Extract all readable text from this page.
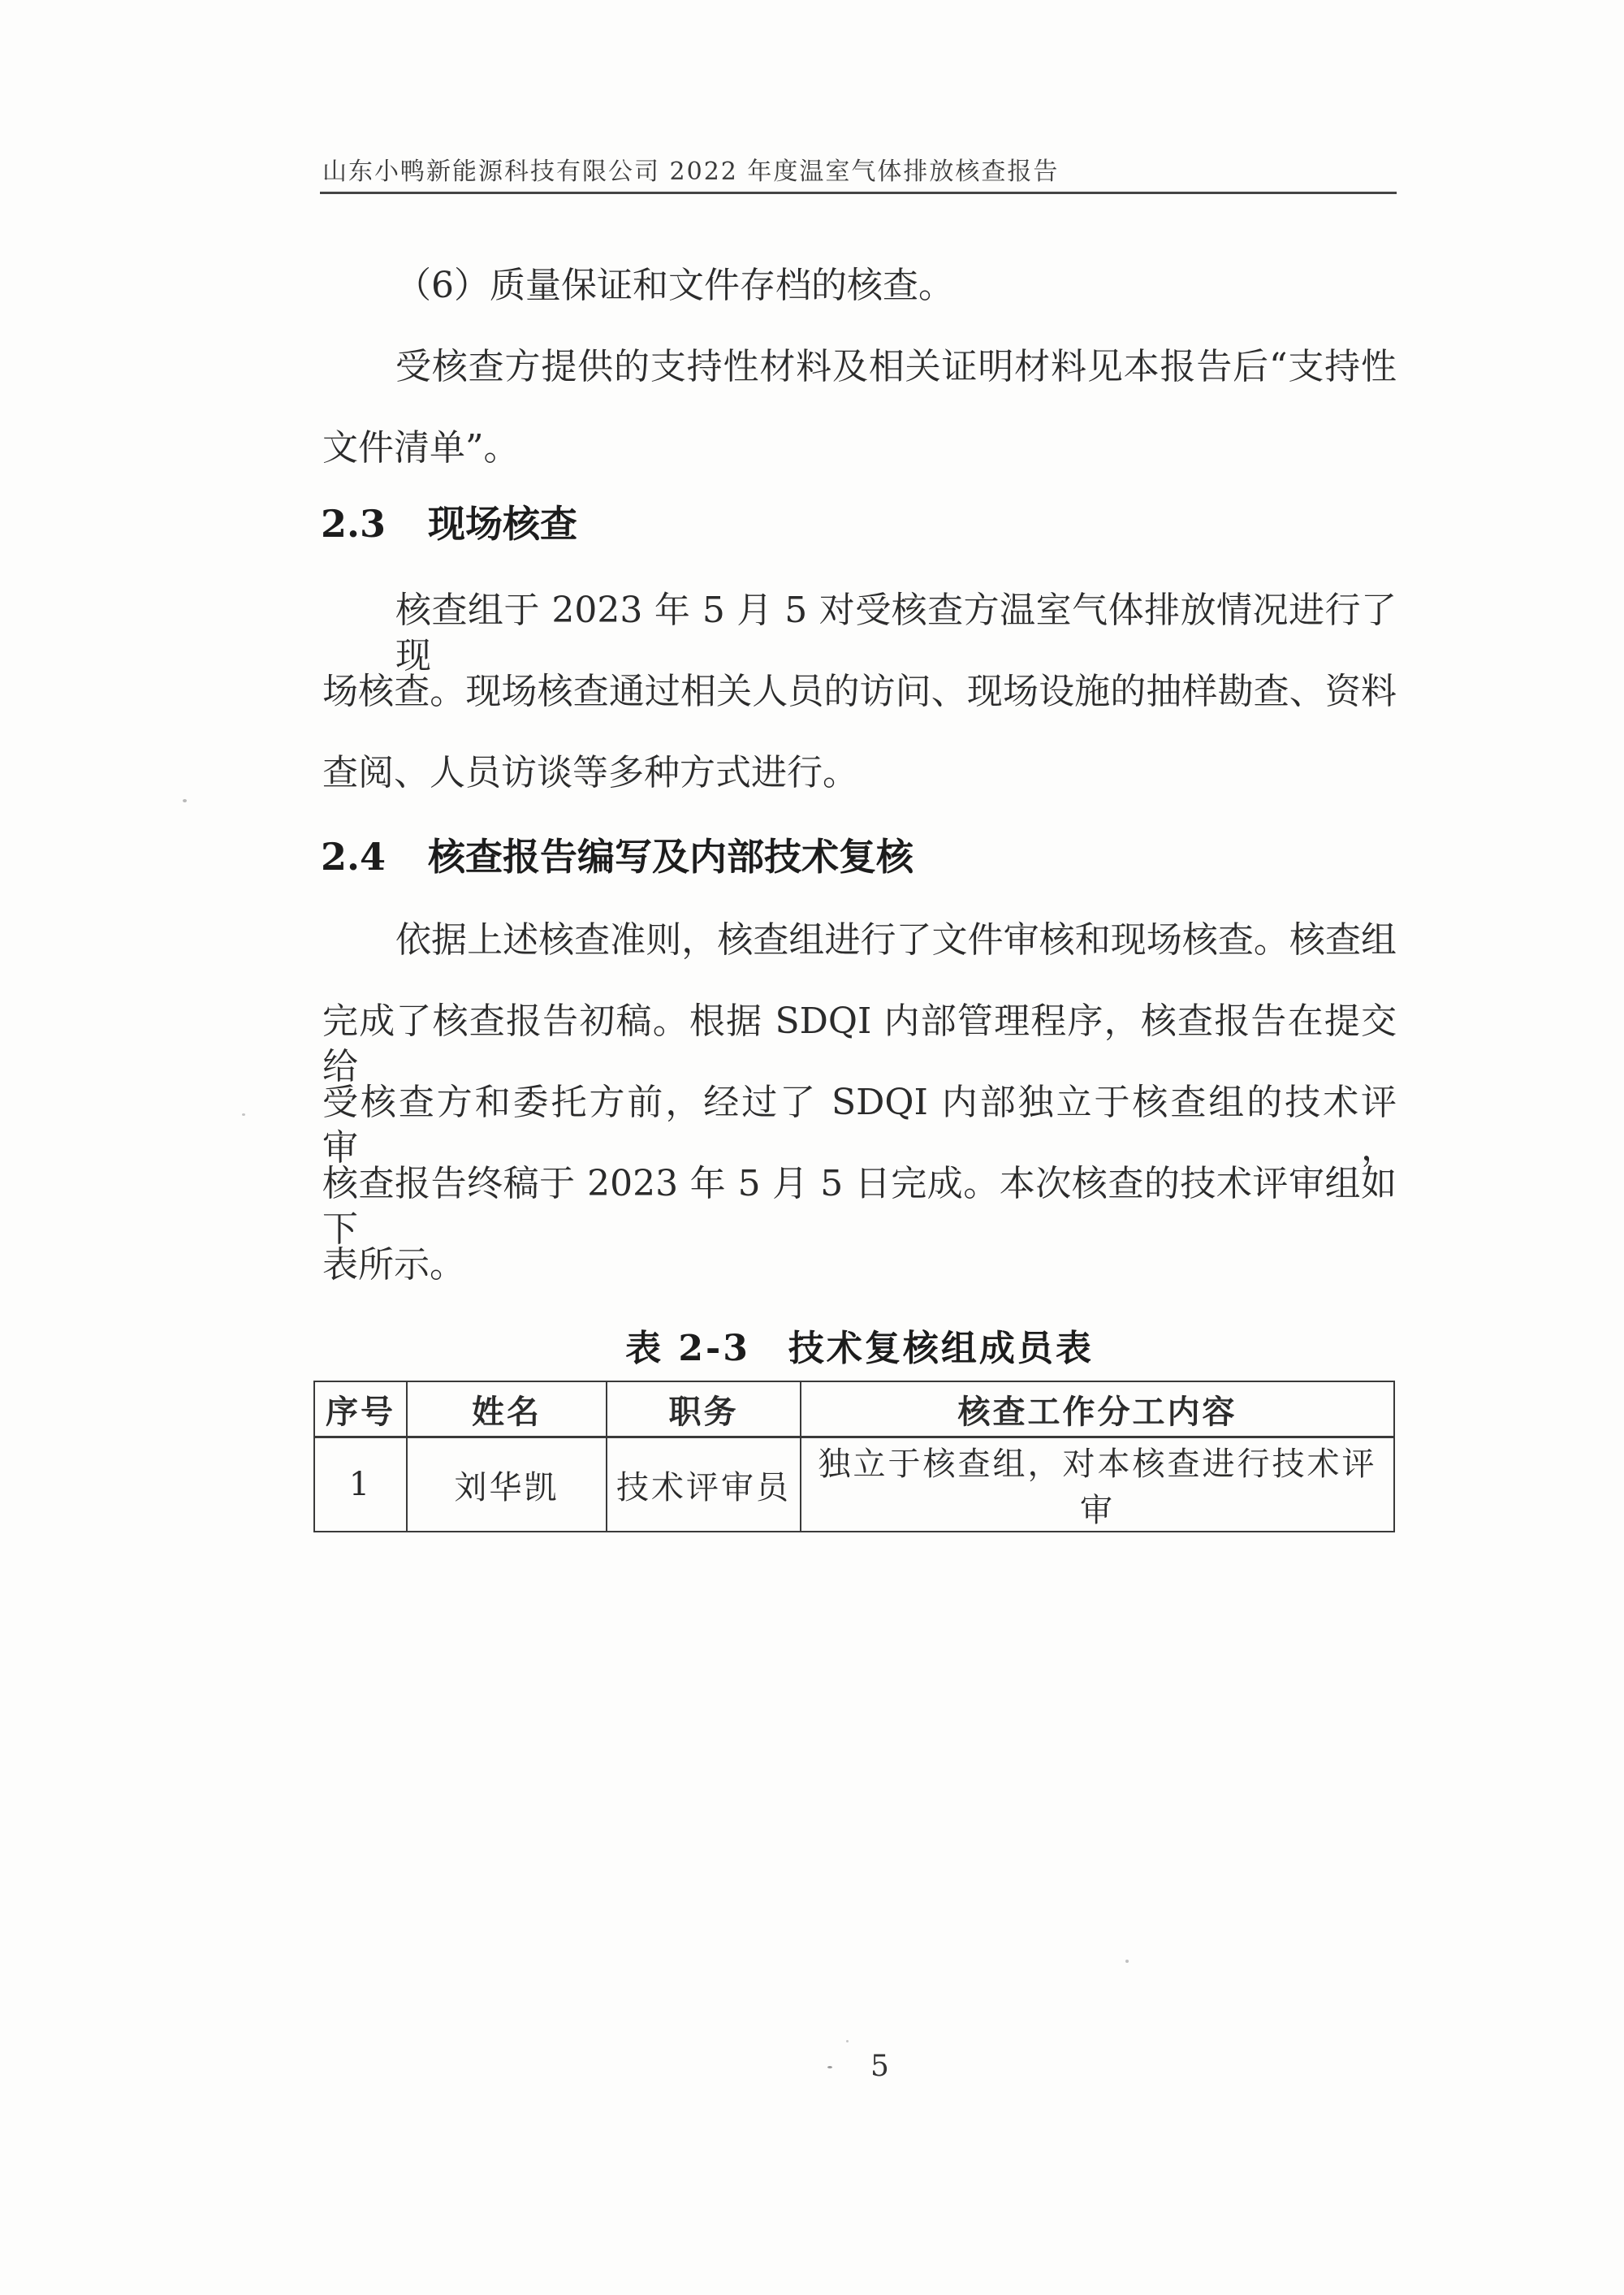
山东小鸭新能源科技有限公司 2022 年度温室气体排放核查报告
（6）质量保证和文件存档的核查。
受核查方提供的支持性材料及相关证明材料见本报告后“支持性
文件清单”。
2.3 现场核查
核查组于 2023 年 5 月 5 对受核查方温室气体排放情况进行了现
场核查。现场核查通过相关人员的访问、现场设施的抽样勘查、资料
查阅、人员访谈等多种方式进行。
2.4 核查报告编写及内部技术复核
依据上述核查准则，核查组进行了文件审核和现场核查。核查组
完成了核查报告初稿。根据 SDQI 内部管理程序，核查报告在提交给
受核查方和委托方前，经过了 SDQI 内部独立于核查组的技术评审，
核查报告终稿于 2023 年 5 月 5 日完成。本次核查的技术评审组如下
表所示。
表 2-3　技术复核组成员表
序号	姓名	职务	核查工作分工内容
1	刘华凯	技术评审员	独立于核查组，对本核查进行技术评审
5
